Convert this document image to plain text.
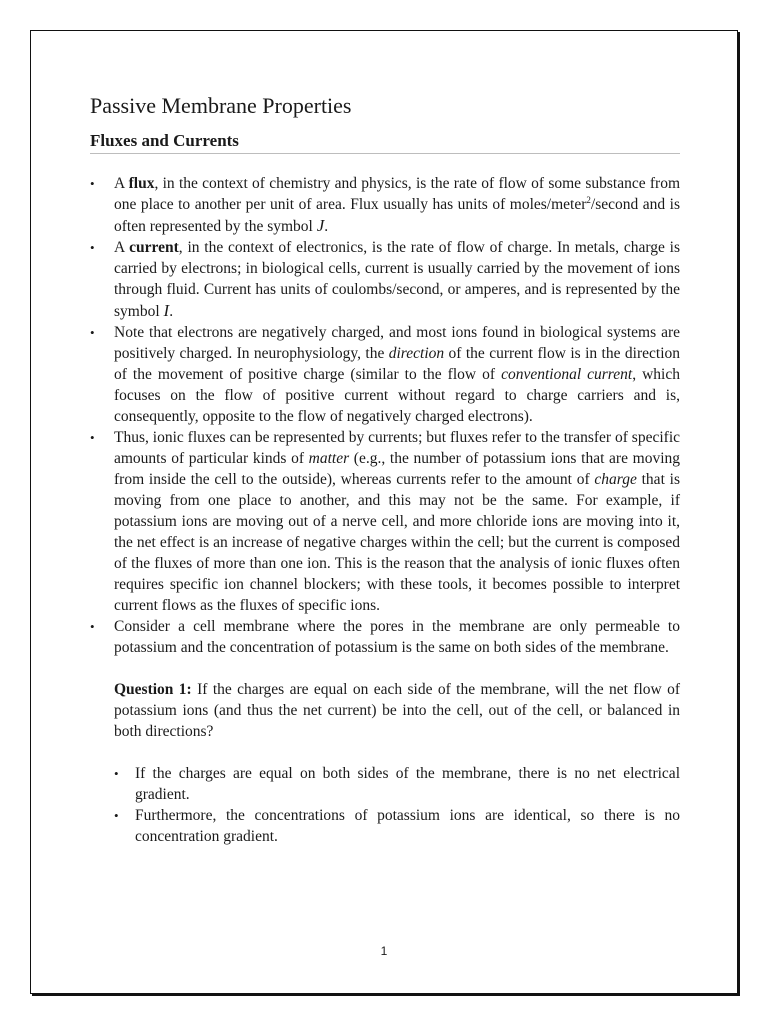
Passive Membrane Properties
Fluxes and Currents
• A flux, in the context of chemistry and physics, is the rate of flow of some substance from one place to another per unit of area. Flux usually has units of moles/meter$^2$/second and is often represented by the symbol J.
• A current, in the context of electronics, is the rate of flow of charge. In metals, charge is carried by electrons; in biological cells, current is usually carried by the movement of ions through fluid. Current has units of coulombs/second, or amperes, and is represented by the symbol I.
• Note that electrons are negatively charged, and most ions found in biological systems are positively charged. In neurophysiology, the direction of the current flow is in the direction of the movement of positive charge (similar to the flow of conventional current, which focuses on the flow of positive current without regard to charge carriers and is, consequently, opposite to the flow of negatively charged electrons).
• Thus, ionic fluxes can be represented by currents; but fluxes refer to the transfer of specific amounts of particular kinds of matter (e.g., the number of potassium ions that are moving from inside the cell to the outside), whereas currents refer to the amount of charge that is moving from one place to another, and this may not be the same. For example, if potassium ions are moving out of a nerve cell, and more chloride ions are moving into it, the net effect is an increase of negative charges within the cell; but the current is composed of the fluxes of more than one ion. This is the reason that the analysis of ionic fluxes often requires specific ion channel blockers; with these tools, it becomes possible to interpret current flows as the fluxes of specific ions.
• Consider a cell membrane where the pores in the membrane are only permeable to potassium and the concentration of potassium is the same on both sides of the membrane.
Question 1: If the charges are equal on each side of the membrane, will the net flow of potassium ions (and thus the net current) be into the cell, out of the cell, or balanced in both directions?
• If the charges are equal on both sides of the membrane, there is no net electrical gradient.
• Furthermore, the concentrations of potassium ions are identical, so there is no concentration gradient.
1
